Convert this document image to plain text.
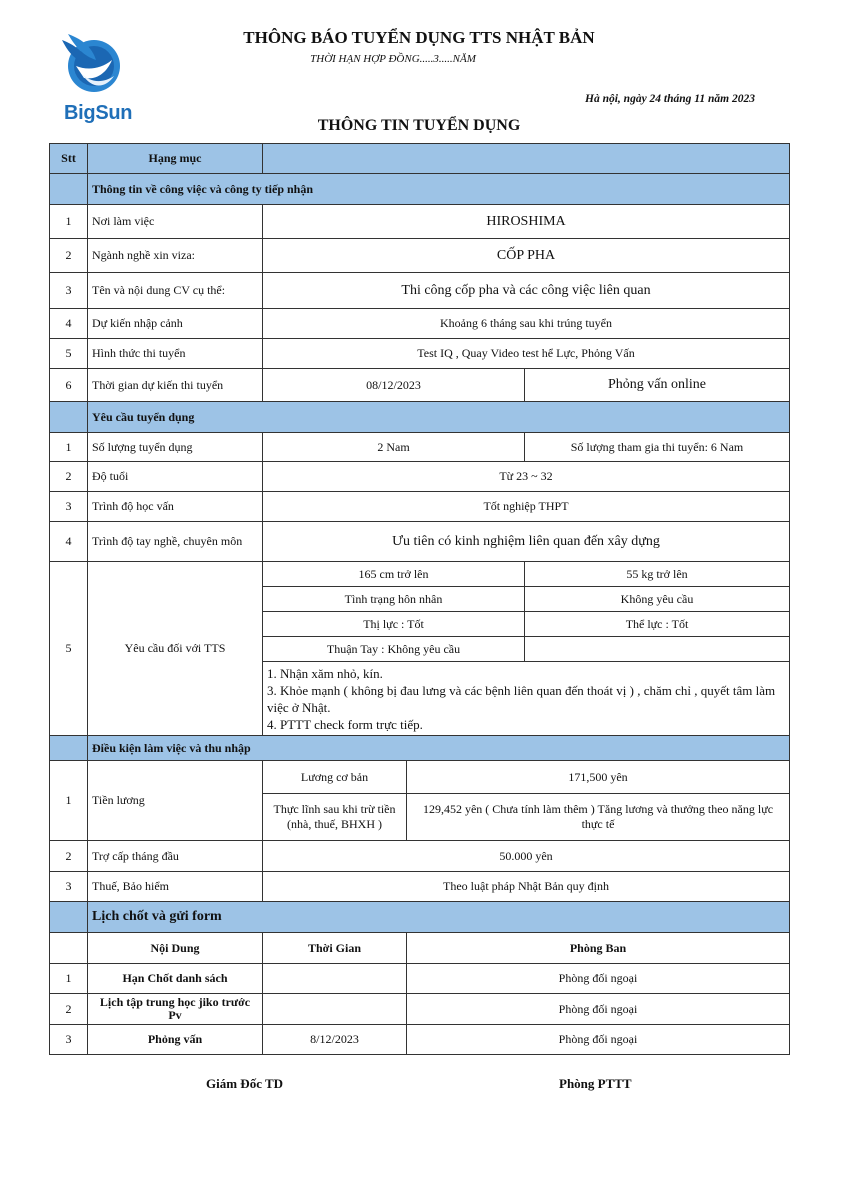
BigSun
THÔNG BÁO TUYỂN DỤNG TTS NHẬT BẢN
THỜI HẠN HỢP ĐỒNG.....3.....NĂM
Hà nội, ngày 24 tháng 11 năm 2023
THÔNG TIN TUYỂN DỤNG
Stt	Hạng mục			
	Thông tin về công việc và công ty tiếp nhận			
1	Nơi làm việc	HIROSHIMA		
2	Ngành nghề xin viza:	CỐP PHA		
3	Tên và nội dung CV cụ thể:	Thi công cốp pha và các công việc liên quan		
4	Dự kiến nhập cảnh	Khoảng 6 tháng sau khi trúng tuyển		
5	Hình thức thi tuyển	Test IQ , Quay Video test hể Lực, Phỏng Vấn		
6	Thời gian dự kiến thi tuyển	08/12/2023		Phỏng vấn online
	Yêu cầu tuyển dụng			
1	Số lượng tuyển dụng	2 Nam		Số lượng tham gia thi tuyển: 6 Nam
2	Độ tuổi	Từ 23 ~ 32		
3	Trình độ học vấn	Tốt nghiệp THPT		
4	Trình độ tay nghề, chuyên môn	Ưu tiên có kinh nghiệm liên quan đến xây dựng		
5	Yêu cầu đối với TTS	165 cm trở lên		55 kg trở lên
		Tình trạng hôn nhân		Không yêu cầu
		Thị lực : Tốt		Thể lực : Tốt
		Thuận Tay : Không yêu cầu		

		1. Nhận xăm nhỏ, kín.
3. Khỏe mạnh ( không bị đau lưng và các bệnh liên quan đến thoát vị ) , chăm chỉ , quyết tâm làm việc ở Nhật.
4. PTTT check form trực tiếp.		

	Điều kiện làm việc và thu nhập			
1	Tiền lương	Lương cơ bản	171,500 yên	
		Thực lĩnh sau khi trừ tiền (nhà, thuế, BHXH )	129,452 yên ( Chưa tính làm thêm ) Tăng lương và thưởng theo năng lực thực tế	
2	Trợ cấp tháng đầu	50.000 yên		
3	Thuế, Bảo hiểm	Theo luật pháp Nhật Bản quy định		
	Lịch chốt và gửi form			
	Nội Dung	Thời Gian	Phòng Ban	
1	Hạn Chốt danh sách		Phòng đối ngoại	
2	Lịch tập trung học jiko trước Pv		Phòng đối ngoại	
3	Phỏng vấn	8/12/2023	Phòng đối ngoại	
Giám Đốc TD	Phòng PTTT
